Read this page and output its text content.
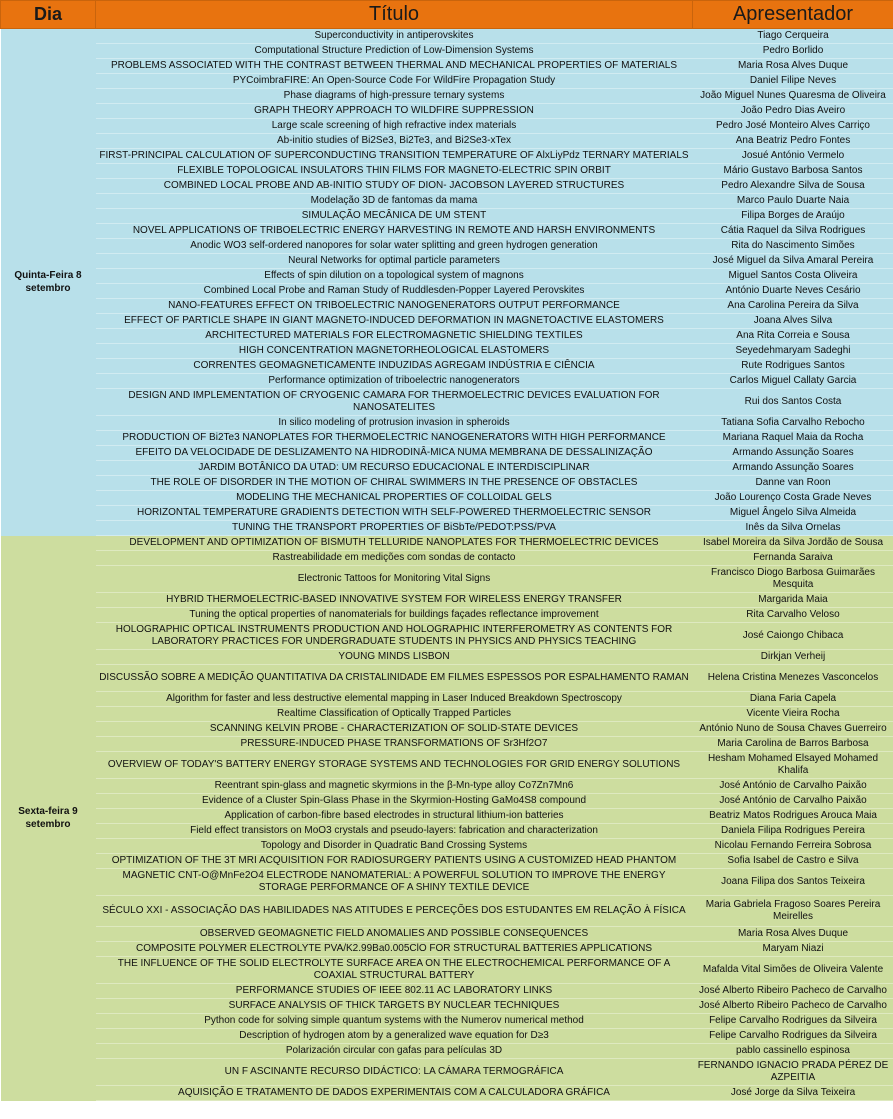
Dia	Título	Apresentador
Quinta-Feira 8
setembro	Superconductivity in antiperovskites	Tiago Cerqueira
	Computational Structure Prediction of Low-Dimension Systems	Pedro Borlido
	PROBLEMS ASSOCIATED WITH THE CONTRAST BETWEEN THERMAL AND MECHANICAL PROPERTIES OF MATERIALS	Maria Rosa Alves Duque
	PYCoimbraFIRE: An Open-Source Code For WildFire Propagation Study	Daniel Filipe Neves
	Phase diagrams of high-pressure ternary systems	João Miguel Nunes Quaresma de Oliveira
	GRAPH THEORY APPROACH TO WILDFIRE SUPPRESSION	João Pedro Dias Aveiro
	Large scale screening of high refractive index materials	Pedro José Monteiro Alves Carriço
	Ab-initio studies of Bi2Se3, Bi2Te3, and Bi2Se3-xTex	Ana Beatriz Pedro Fontes
	FIRST-PRINCIPAL CALCULATION OF SUPERCONDUCTING TRANSITION TEMPERATURE OF AlxLiyPdz TERNARY MATERIALS	Josué António Vermelo
	FLEXIBLE TOPOLOGICAL INSULATORS THIN FILMS FOR MAGNETO-ELECTRIC SPIN ORBIT	Mário Gustavo Barbosa Santos
	COMBINED LOCAL PROBE AND AB-INITIO STUDY OF DION- JACOBSON LAYERED STRUCTURES	Pedro Alexandre Silva de Sousa
	Modelação 3D de fantomas da mama	Marco Paulo Duarte Naia
	SIMULAÇÃO MECÂNICA DE UM STENT	Filipa Borges de Araújo
	NOVEL APPLICATIONS OF TRIBOELECTRIC ENERGY HARVESTING IN REMOTE AND HARSH ENVIRONMENTS	Cátia Raquel da Silva Rodrigues
	Anodic WO3 self-ordered nanopores for solar water splitting and green hydrogen generation	Rita do Nascimento Simões
	Neural Networks for optimal particle parameters	José Miguel da Silva Amaral Pereira
	Effects of spin dilution on a topological system of magnons	Miguel Santos Costa Oliveira
	Combined Local Probe and Raman Study of Ruddlesden-Popper Layered Perovskites	António Duarte Neves Cesário
	NANO-FEATURES EFFECT ON TRIBOELECTRIC NANOGENERATORS OUTPUT PERFORMANCE	Ana Carolina Pereira da Silva
	EFFECT OF PARTICLE SHAPE IN GIANT MAGNETO-INDUCED DEFORMATION IN MAGNETOACTIVE ELASTOMERS	Joana Alves Silva
	ARCHITECTURED MATERIALS FOR ELECTROMAGNETIC SHIELDING TEXTILES	Ana Rita Correia e Sousa
	HIGH CONCENTRATION MAGNETORHEOLOGICAL ELASTOMERS	Seyedehmaryam Sadeghi
	CORRENTES GEOMAGNETICAMENTE INDUZIDAS AGREGAM INDÚSTRIA E CIÊNCIA	Rute Rodrigues Santos
	Performance optimization of triboelectric nanogenerators	Carlos Miguel Callaty Garcia
	DESIGN AND IMPLEMENTATION OF CRYOGENIC CAMARA FOR THERMOELECTRIC DEVICES EVALUATION FOR NANOSATELITES	Rui dos Santos Costa
	In silico modeling of protrusion invasion in spheroids	Tatiana Sofia Carvalho Rebocho
	PRODUCTION OF Bi2Te3 NANOPLATES FOR THERMOELECTRIC NANOGENERATORS WITH HIGH PERFORMANCE	Mariana Raquel Maia da Rocha
	EFEITO DA VELOCIDADE DE DESLIZAMENTO NA HIDRODINÂ-MICA NUMA MEMBRANA DE DESSALINIZAÇÃO	Armando Assunção Soares
	JARDIM BOTÂNICO DA UTAD: UM RECURSO EDUCACIONAL E INTERDISCIPLINAR	Armando Assunção Soares
	THE ROLE OF DISORDER IN THE MOTION OF CHIRAL SWIMMERS IN THE PRESENCE OF OBSTACLES	Danne van Roon
	MODELING THE MECHANICAL PROPERTIES OF COLLOIDAL GELS	João Lourenço Costa Grade Neves
	HORIZONTAL TEMPERATURE GRADIENTS DETECTION WITH SELF-POWERED THERMOELECTRIC SENSOR	Miguel Ângelo Silva Almeida
	TUNING THE TRANSPORT PROPERTIES OF BiSbTe/PEDOT:PSS/PVA	Inês da Silva Ornelas
Sexta-feira 9
setembro	DEVELOPMENT AND OPTIMIZATION OF BISMUTH TELLURIDE NANOPLATES FOR THERMOELECTRIC DEVICES	Isabel Moreira da Silva Jordão de Sousa
	Rastreabilidade em medições com sondas de contacto	Fernanda Saraiva
	Electronic Tattoos for Monitoring Vital Signs	Francisco Diogo Barbosa Guimarães Mesquita
	HYBRID THERMOELECTRIC-BASED INNOVATIVE SYSTEM FOR WIRELESS ENERGY TRANSFER	Margarida Maia
	Tuning the optical properties of nanomaterials for buildings façades reflectance improvement	Rita Carvalho Veloso
	HOLOGRAPHIC OPTICAL INSTRUMENTS PRODUCTION AND HOLOGRAPHIC INTERFEROMETRY AS CONTENTS FOR LABORATORY PRACTICES FOR UNDERGRADUATE STUDENTS IN PHYSICS AND PHYSICS TEACHING	José Caiongo Chibaca
	YOUNG MINDS LISBON	Dirkjan Verheij
	DISCUSSÃO SOBRE A MEDIÇÃO QUANTITATIVA DA CRISTALINIDADE EM FILMES ESPESSOS POR ESPALHAMENTO RAMAN	Helena Cristina Menezes Vasconcelos
	Algorithm for faster and less destructive elemental mapping in Laser Induced Breakdown Spectroscopy	Diana Faria Capela
	Realtime Classification of Optically Trapped Particles	Vicente Vieira Rocha
	SCANNING KELVIN PROBE - CHARACTERIZATION OF SOLID-STATE DEVICES	António Nuno de Sousa Chaves Guerreiro
	PRESSURE-INDUCED PHASE TRANSFORMATIONS OF Sr3Hf2O7	Maria Carolina de Barros Barbosa
	OVERVIEW OF TODAY'S BATTERY ENERGY STORAGE SYSTEMS AND TECHNOLOGIES FOR GRID ENERGY SOLUTIONS	Hesham Mohamed Elsayed Mohamed Khalifa
	Reentrant spin-glass and magnetic skyrmions in the β-Mn-type alloy Co7Zn7Mn6	José António de Carvalho Paixão
	Evidence of a Cluster Spin-Glass Phase in the Skyrmion-Hosting GaMo4S8 compound	José António de Carvalho Paixão
	Application of carbon-fibre based electrodes in structural lithium-ion batteries	Beatriz Matos Rodrigues Arouca Maia
	Field effect transistors on MoO3 crystals and pseudo-layers: fabrication and characterization	Daniela Filipa Rodrigues Pereira
	Topology and Disorder in Quadratic Band Crossing Systems	Nicolau Fernando Ferreira Sobrosa
	OPTIMIZATION OF THE 3T MRI ACQUISITION FOR RADIOSURGERY PATIENTS USING A CUSTOMIZED HEAD PHANTOM	Sofia Isabel de Castro e Silva
	MAGNETIC CNT-O@MnFe2O4 ELECTRODE NANOMATERIAL: A POWERFUL SOLUTION TO IMPROVE THE ENERGY STORAGE PERFORMANCE OF A SHINY TEXTILE DEVICE	Joana Filipa dos Santos Teixeira
	SÉCULO XXI - ASSOCIAÇÃO DAS HABILIDADES NAS ATITUDES E PERCEÇÕES DOS ESTUDANTES EM RELAÇÃO À FÍSICA	Maria Gabriela Fragoso Soares Pereira Meirelles
	OBSERVED GEOMAGNETIC FIELD ANOMALIES AND POSSIBLE CONSEQUENCES	Maria Rosa Alves Duque
	COMPOSITE POLYMER ELECTROLYTE PVA/K2.99Ba0.005ClO FOR STRUCTURAL BATTERIES APPLICATIONS	Maryam Niazi
	THE INFLUENCE OF THE SOLID ELECTROLYTE SURFACE AREA ON THE ELECTROCHEMICAL PERFORMANCE OF A COAXIAL STRUCTURAL BATTERY	Mafalda Vital Simões de Oliveira Valente
	PERFORMANCE STUDIES OF IEEE 802.11 AC LABORATORY LINKS	José Alberto Ribeiro Pacheco de Carvalho
	SURFACE ANALYSIS OF THICK TARGETS BY NUCLEAR TECHNIQUES	José Alberto Ribeiro Pacheco de Carvalho
	Python code for solving simple quantum systems with the Numerov numerical method	Felipe Carvalho Rodrigues da Silveira
	Description of hydrogen atom by a generalized wave equation for D≥3	Felipe Carvalho Rodrigues da Silveira
	Polarización circular con gafas para películas 3D	pablo cassinello espinosa
	UN F ASCINANTE RECURSO DIDÁCTICO: LA CÁMARA TERMOGRÁFICA	FERNANDO IGNACIO PRADA PÉREZ DE AZPEITIA
	AQUISIÇÃO E TRATAMENTO DE DADOS EXPERIMENTAIS COM A CALCULADORA GRÁFICA	José Jorge da Silva Teixeira
